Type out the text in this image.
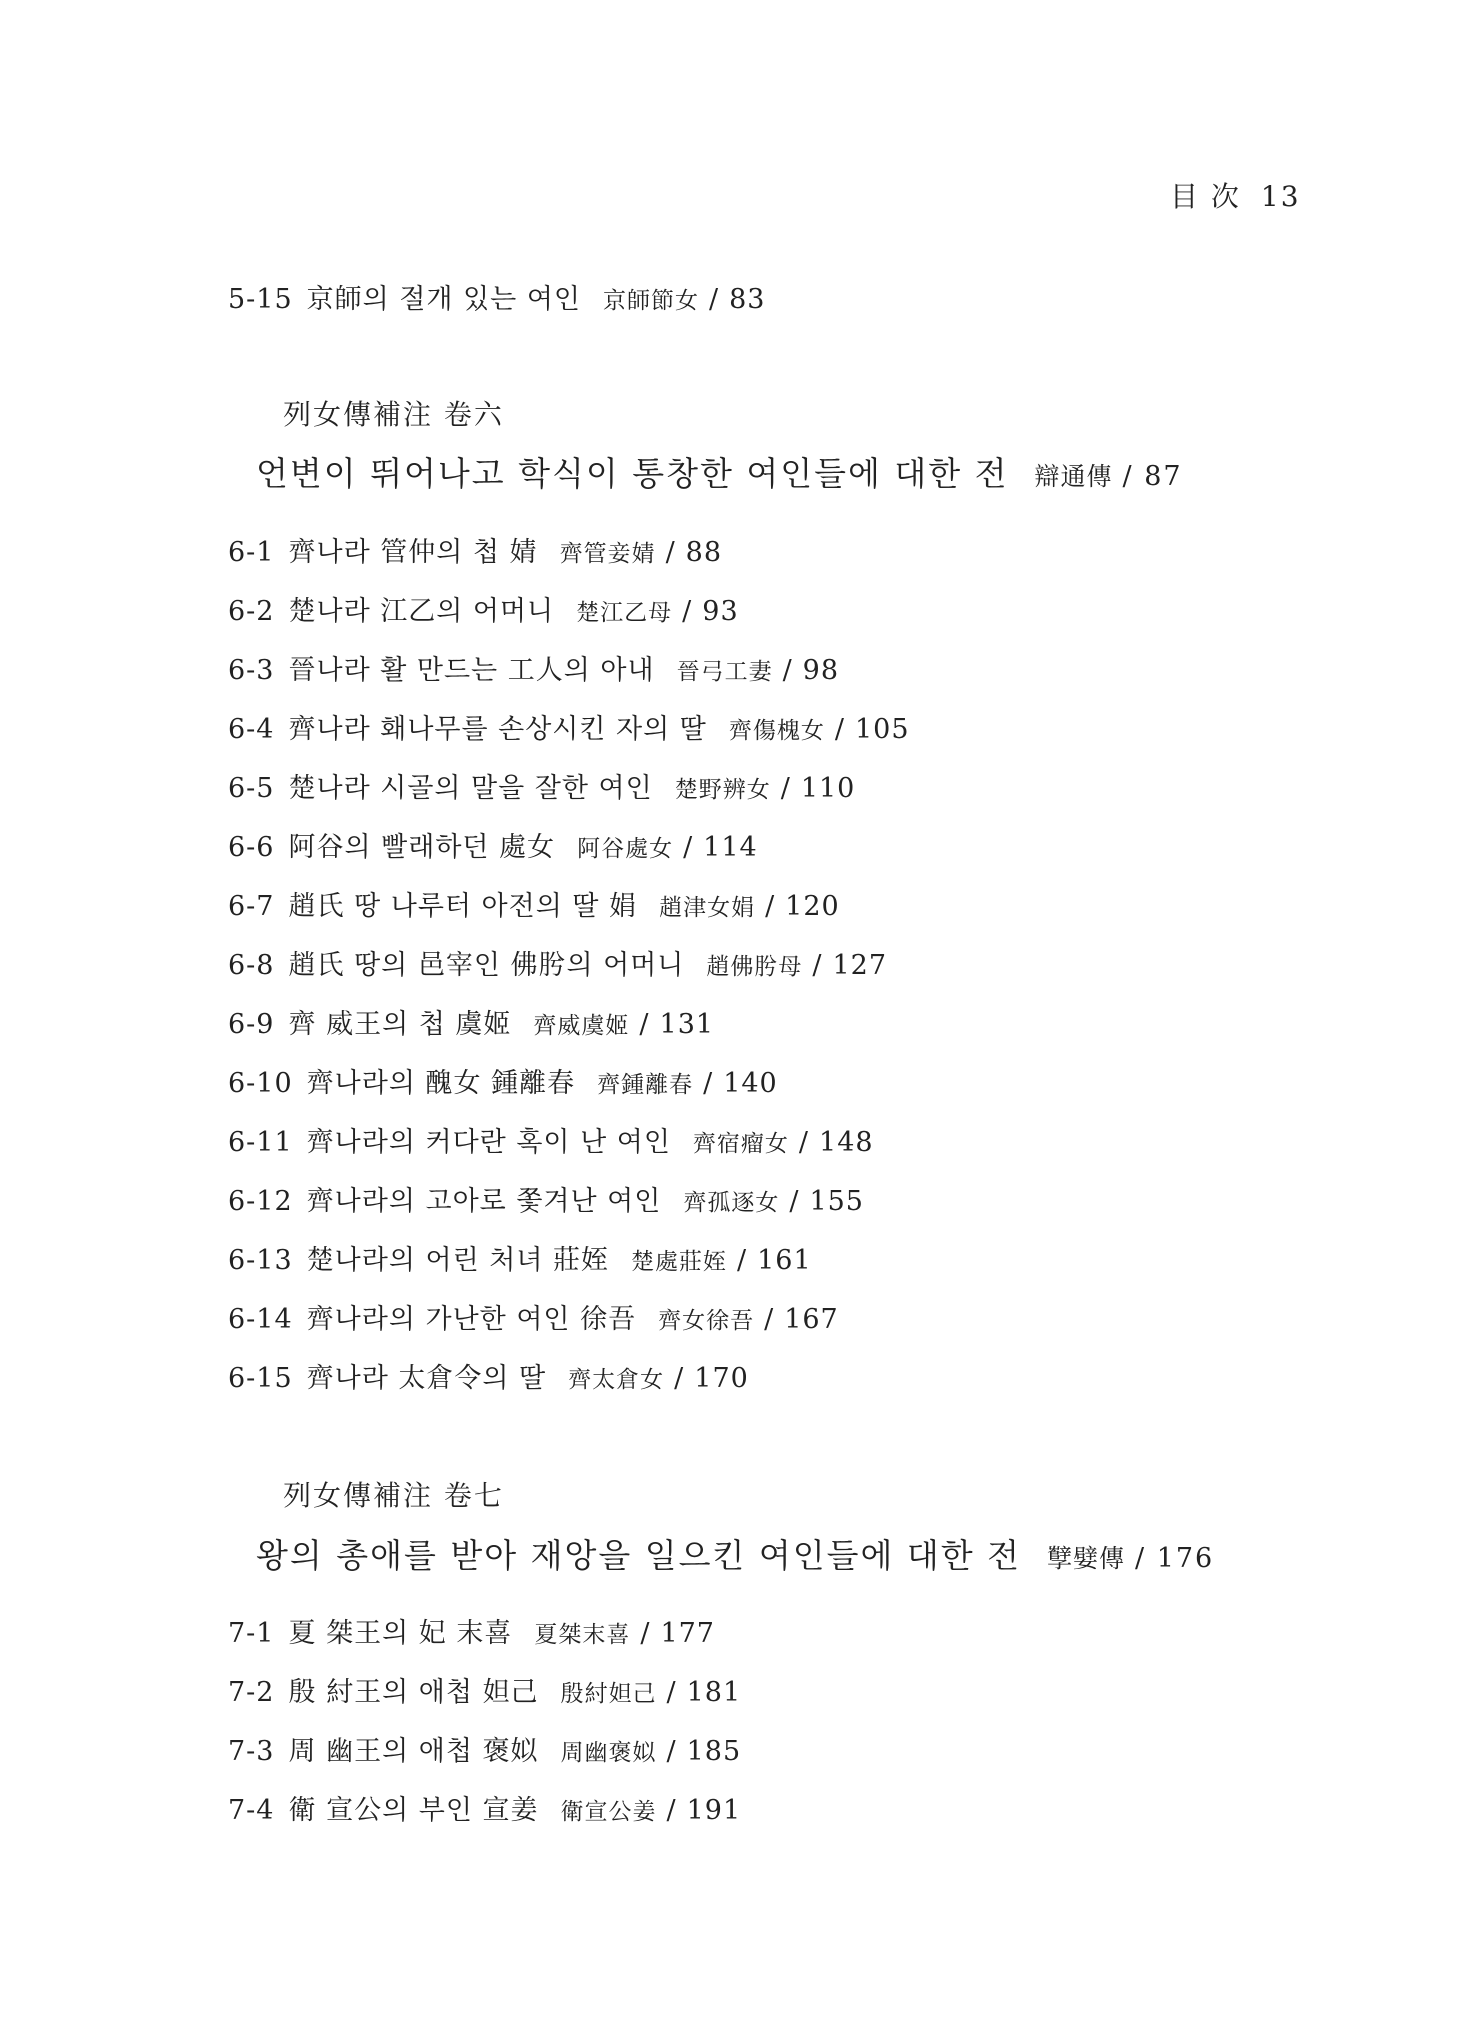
目 次 13
5-15 京師의 절개 있는 여인 京師節女 / 83
列女傳補注 卷六
언변이 뛰어나고 학식이 통창한 여인들에 대한 전 辯通傳 / 87
6-1 齊나라 管仲의 첩 婧 齊管妾婧 / 88
6-2 楚나라 江乙의 어머니 楚江乙母 / 93
6-3 晉나라 활 만드는 工人의 아내 晉弓工妻 / 98
6-4 齊나라 홰나무를 손상시킨 자의 딸 齊傷槐女 / 105
6-5 楚나라 시골의 말을 잘한 여인 楚野辨女 / 110
6-6 阿谷의 빨래하던 處女 阿谷處女 / 114
6-7 趙氏 땅 나루터 아전의 딸 娟 趙津女娟 / 120
6-8 趙氏 땅의 邑宰인 佛肹의 어머니 趙佛肹母 / 127
6-9 齊 威王의 첩 虞姬 齊威虞姬 / 131
6-10 齊나라의 醜女 鍾離春 齊鍾離春 / 140
6-11 齊나라의 커다란 혹이 난 여인 齊宿瘤女 / 148
6-12 齊나라의 고아로 쫓겨난 여인 齊孤逐女 / 155
6-13 楚나라의 어린 처녀 莊姪 楚處莊姪 / 161
6-14 齊나라의 가난한 여인 徐吾 齊女徐吾 / 167
6-15 齊나라 太倉令의 딸 齊太倉女 / 170
列女傳補注 卷七
왕의 총애를 받아 재앙을 일으킨 여인들에 대한 전 孼嬖傳 / 176
7-1 夏 桀王의 妃 末喜 夏桀末喜 / 177
7-2 殷 紂王의 애첩 妲己 殷紂妲己 / 181
7-3 周 幽王의 애첩 褒姒 周幽褒姒 / 185
7-4 衛 宣公의 부인 宣姜 衛宣公姜 / 191
